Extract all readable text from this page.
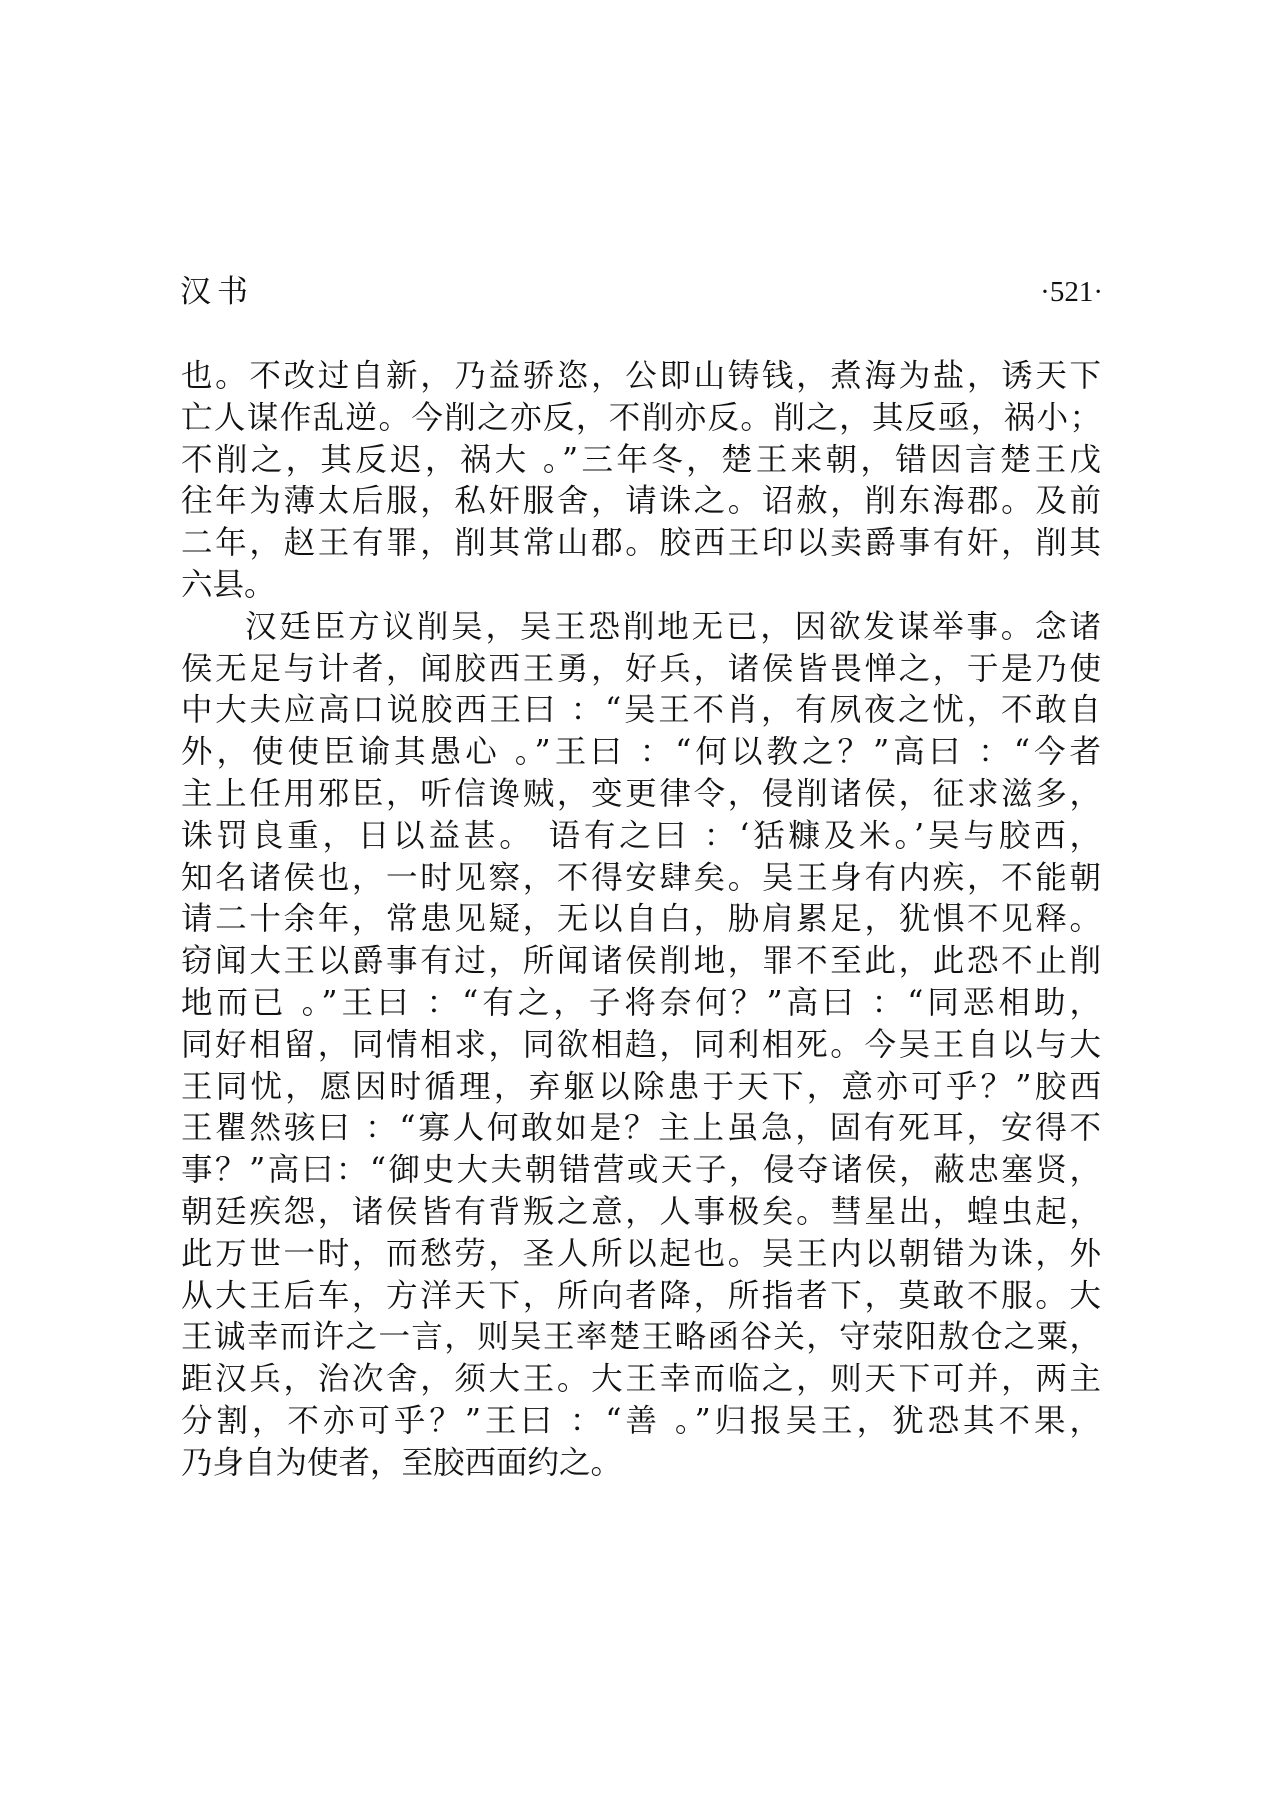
汉书	·521·
也。不改过自新，乃益骄恣，公即山铸钱，煮海为盐，诱天下
亡人谋作乱逆。今削之亦反，不削亦反。削之，其反亟，祸小；
不削之，其反迟，祸大 。”三年冬，楚王来朝，错因言楚王戊
往年为薄太后服，私奸服舍，请诛之。诏赦，削东海郡。及前
二年，赵王有罪，削其常山郡。胶西王印以卖爵事有奸，削其
六县。
汉廷臣方议削吴，吴王恐削地无已，因欲发谋举事。念诸
侯无足与计者，闻胶西王勇，好兵，诸侯皆畏惮之，于是乃使
中大夫应高口说胶西王曰 ：“吴王不肖，有夙夜之忧，不敢自
外，使使臣谕其愚心 。”王曰 ：“何以教之？”高曰 ：“今者
主上任用邪臣，听信谗贼，变更律令，侵削诸侯，征求滋多，
诛罚良重，日以益甚。 语有之曰 ：‘狧糠及米。’吴与胶西，
知名诸侯也，一时见察，不得安肆矣。吴王身有内疾，不能朝
请二十余年，常患见疑，无以自白，胁肩累足，犹惧不见释。
窃闻大王以爵事有过，所闻诸侯削地，罪不至此，此恐不止削
地而已 。”王曰 ：“有之，子将奈何？”高曰 ：“同恶相助，
同好相留，同情相求，同欲相趋，同利相死。今吴王自以与大
王同忧，愿因时循理，弃躯以除患于天下，意亦可乎？”胶西
王瞿然骇曰 ：“寡人何敢如是？主上虽急，固有死耳，安得不
事？”高曰：“御史大夫朝错营或天子，侵夺诸侯，蔽忠塞贤，
朝廷疾怨，诸侯皆有背叛之意，人事极矣。彗星出，蝗虫起，
此万世一时，而愁劳，圣人所以起也。吴王内以朝错为诛，外
从大王后车，方洋天下，所向者降，所指者下，莫敢不服。大
王诚幸而许之一言，则吴王率楚王略函谷关，守荥阳敖仓之粟，
距汉兵，治次舍，须大王。大王幸而临之，则天下可并，两主
分割，不亦可乎？”王曰 ：“善 。”归报吴王，犹恐其不果，
乃身自为使者，至胶西面约之。
